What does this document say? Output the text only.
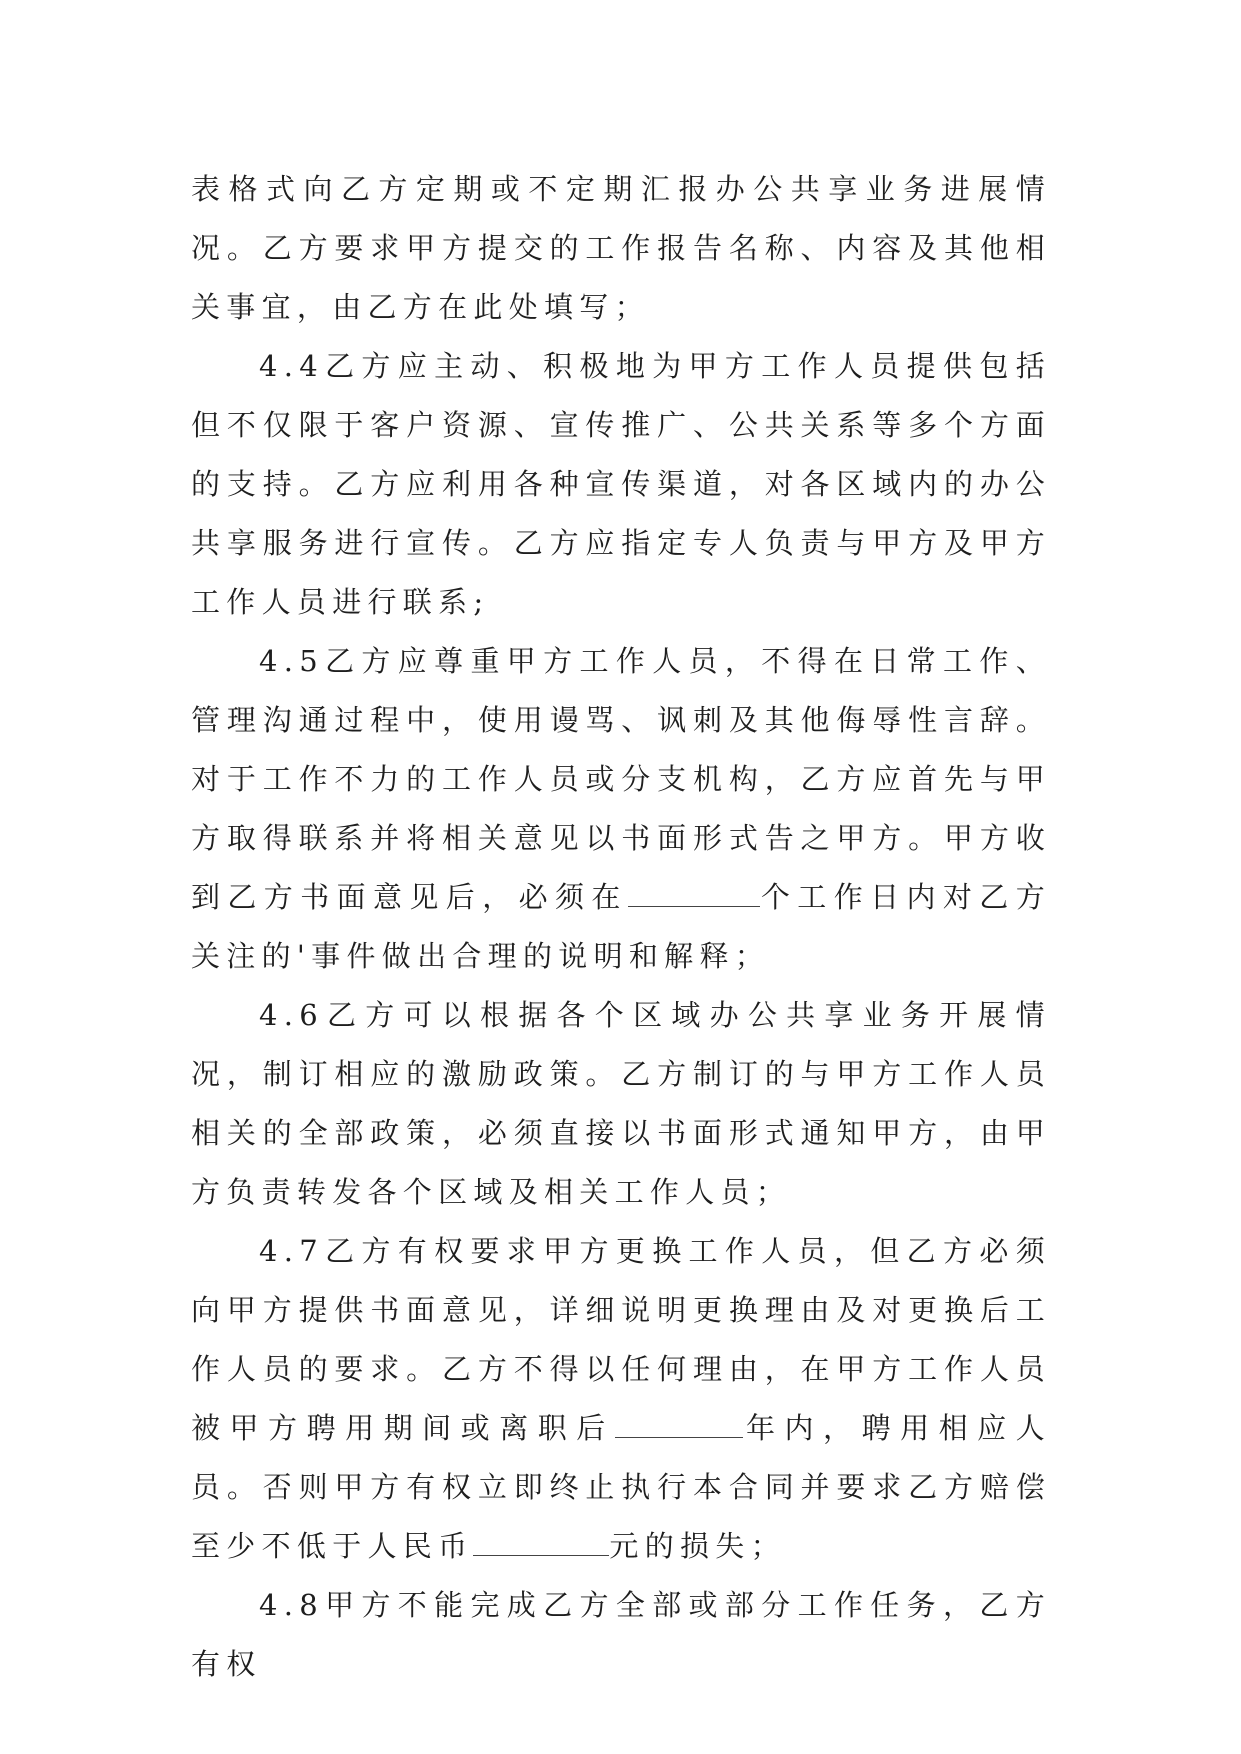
表格式向乙方定期或不定期汇报办公共享业务进展情况。乙方要求甲方提交的工作报告名称、内容及其他相关事宜，由乙方在此处填写；

4.4乙方应主动、积极地为甲方工作人员提供包括但不仅限于客户资源、宣传推广、公共关系等多个方面的支持。乙方应利用各种宣传渠道，对各区域内的办公共享服务进行宣传。乙方应指定专人负责与甲方及甲方工作人员进行联系;

4.5乙方应尊重甲方工作人员，不得在日常工作、管理沟通过程中，使用谩骂、讽刺及其他侮辱性言辞。对于工作不力的工作人员或分支机构，乙方应首先与甲方取得联系并将相关意见以书面形式告之甲方。甲方收到乙方书面意见后，必须在	个工作日内对乙方关注的'事件做出合理的说明和解释；

4.6乙方可以根据各个区域办公共享业务开展情况，制订相应的激励政策。乙方制订的与甲方工作人员相关的全部政策，必须直接以书面形式通知甲方，由甲方负责转发各个区域及相关工作人员；

4.7乙方有权要求甲方更换工作人员，但乙方必须向甲方提供书面意见，详细说明更换理由及对更换后工作人员的要求。乙方不得以任何理由，在甲方工作人员被甲方聘用期间或离职后	年内，聘用相应人员。否则甲方有权立即终止执行本合同并要求乙方赔偿至少不低于人民币	元的损失；

4.8甲方不能完成乙方全部或部分工作任务，乙方有权
